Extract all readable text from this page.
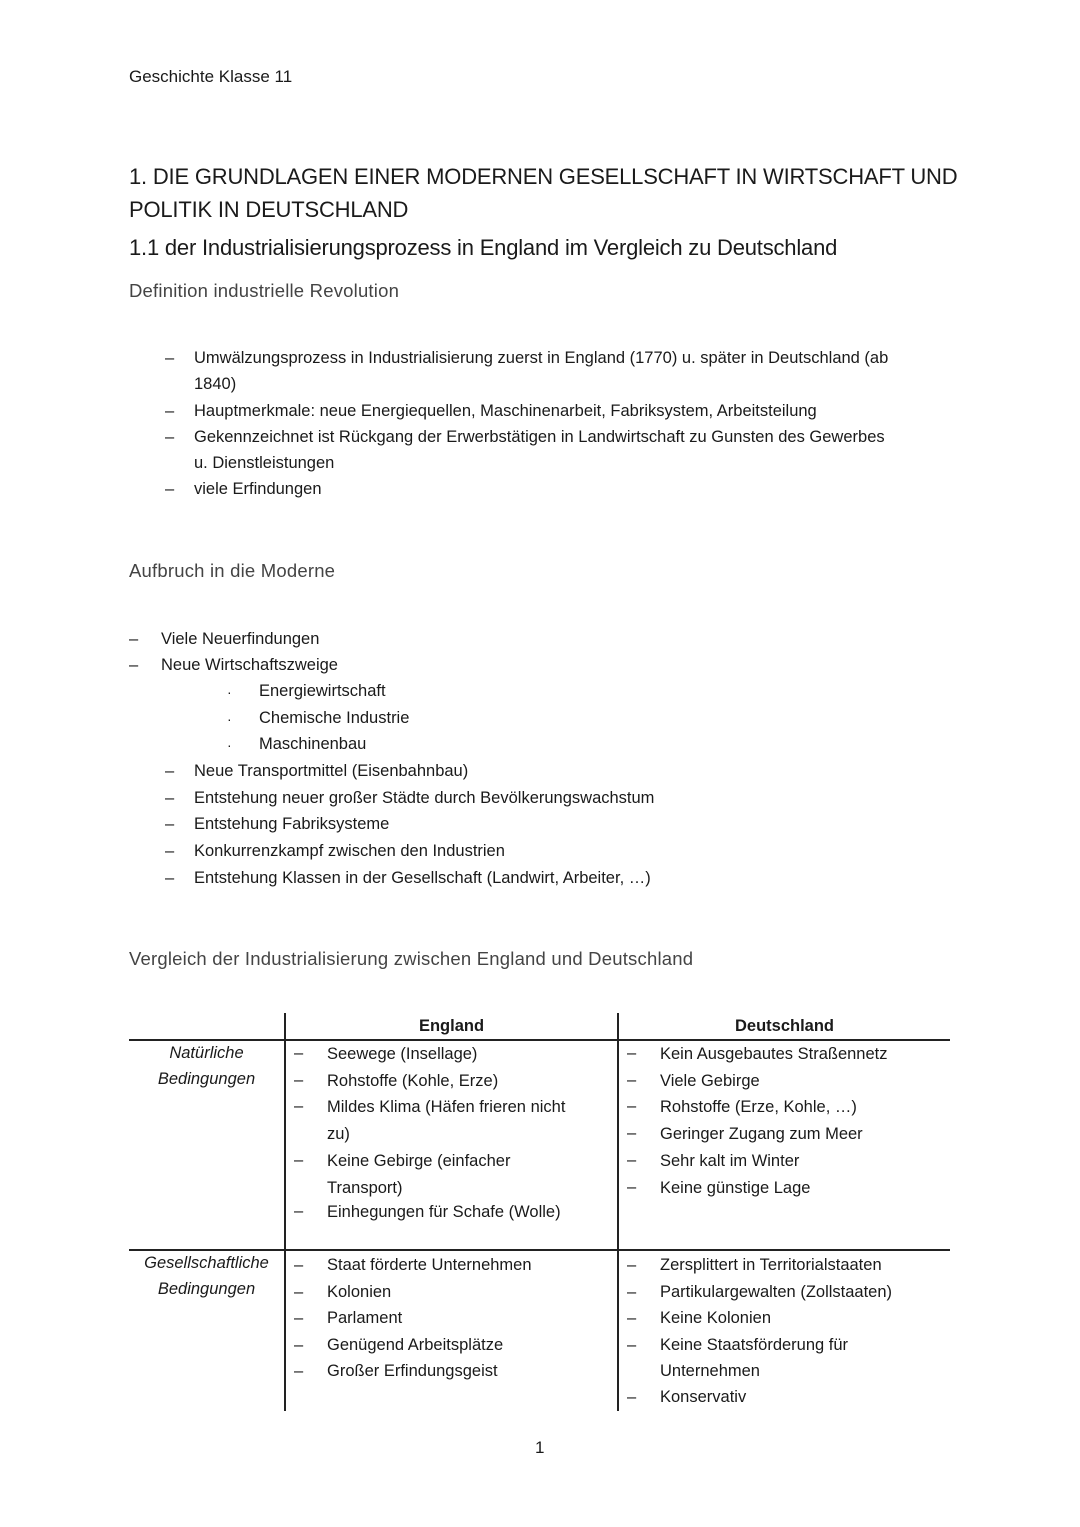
Geschichte Klasse 11
1. DIE GRUNDLAGEN EINER MODERNEN GESELLSCHAFT IN WIRTSCHAFT UND POLITIK IN DEUTSCHLAND
1.1 der Industrialisierungsprozess in England im Vergleich zu Deutschland
Definition industrielle Revolution
– Umwälzungsprozess in Industrialisierung zuerst in England (1770) u. später in Deutschland (ab
1840)
– Hauptmerkmale: neue Energiequellen, Maschinenarbeit, Fabriksystem, Arbeitsteilung
– Gekennzeichnet ist Rückgang der Erwerbstätigen in Landwirtschaft zu Gunsten des Gewerbes
u. Dienstleistungen
– viele Erfindungen
Aufbruch in die Moderne
– Viele Neuerfindungen
– Neue Wirtschaftszweige
· Energiewirtschaft
· Chemische Industrie
· Maschinenbau
– Neue Transportmittel (Eisenbahnbau)
– Entstehung neuer großer Städte durch Bevölkerungswachstum
– Entstehung Fabriksysteme
– Konkurrenzkampf zwischen den Industrien
– Entstehung Klassen in der Gesellschaft (Landwirt, Arbeiter, …)
Vergleich der Industrialisierung zwischen England und Deutschland
England	Deutschland
Natürliche
Bedingungen
– Seewege (Insellage)
– Rohstoffe (Kohle, Erze)
– Mildes Klima (Häfen frieren nicht
zu)
– Keine Gebirge (einfacher
Transport)
– Einhegungen für Schafe (Wolle)
– Kein Ausgebautes Straßennetz
– Viele Gebirge
– Rohstoffe (Erze, Kohle, …)
– Geringer Zugang zum Meer
– Sehr kalt im Winter
– Keine günstige Lage
Gesellschaftliche
Bedingungen
– Staat förderte Unternehmen
– Kolonien
– Parlament
– Genügend Arbeitsplätze
– Großer Erfindungsgeist
– Zersplittert in Territorialstaaten
– Partikulargewalten (Zollstaaten)
– Keine Kolonien
– Keine Staatsförderung für
Unternehmen
– Konservativ
1
